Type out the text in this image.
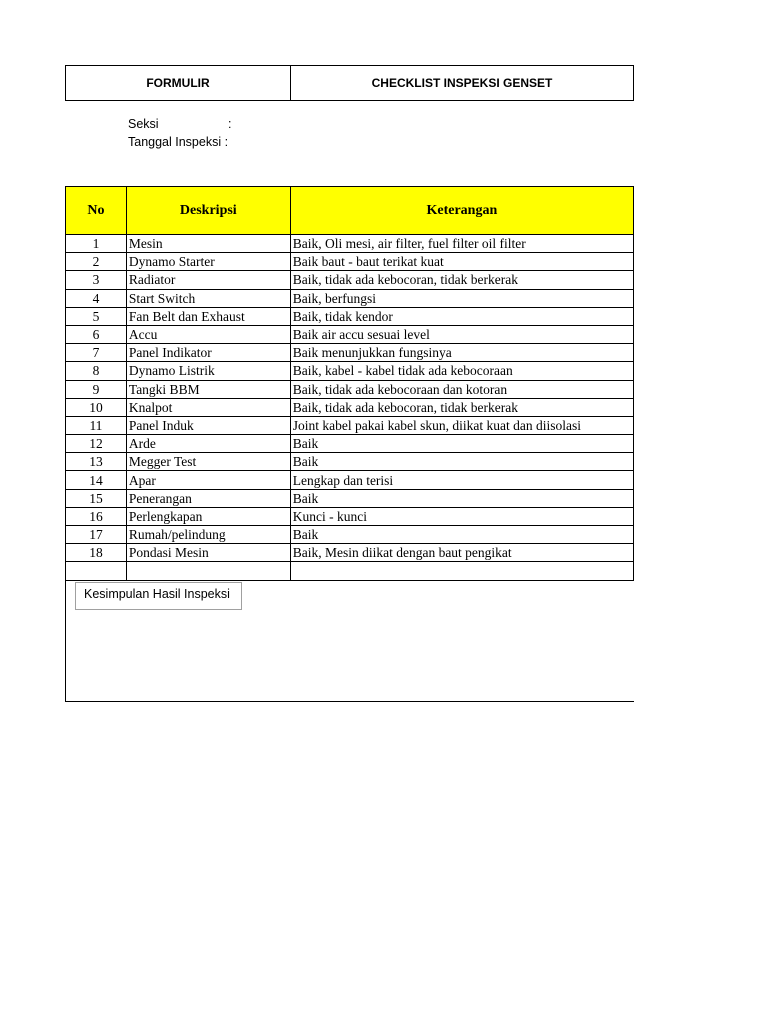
FORMULIR	CHECKLIST INSPEKSI GENSET
Seksi	:
Tanggal Inspeksi :
No	Deskripsi	Keterangan
1	Mesin	Baik, Oli mesi, air filter, fuel filter oil filter
2	Dynamo Starter	Baik baut - baut terikat kuat
3	Radiator	Baik, tidak ada kebocoran, tidak berkerak
4	Start Switch	Baik, berfungsi
5	Fan Belt dan Exhaust	Baik, tidak kendor
6	Accu	Baik air accu sesuai level
7	Panel Indikator	Baik menunjukkan fungsinya
8	Dynamo Listrik	Baik, kabel - kabel tidak ada kebocoraan
9	Tangki BBM	Baik, tidak ada kebocoraan dan kotoran
10	Knalpot	Baik, tidak ada kebocoran, tidak berkerak
11	Panel Induk	Joint kabel pakai kabel skun, diikat kuat dan diisolasi
12	Arde	Baik
13	Megger Test	Baik
14	Apar	Lengkap dan terisi
15	Penerangan	Baik
16	Perlengkapan	Kunci - kunci
17	Rumah/pelindung	Baik
18	Pondasi Mesin	Baik, Mesin diikat dengan baut pengikat

Kesimpulan Hasil Inspeksi
